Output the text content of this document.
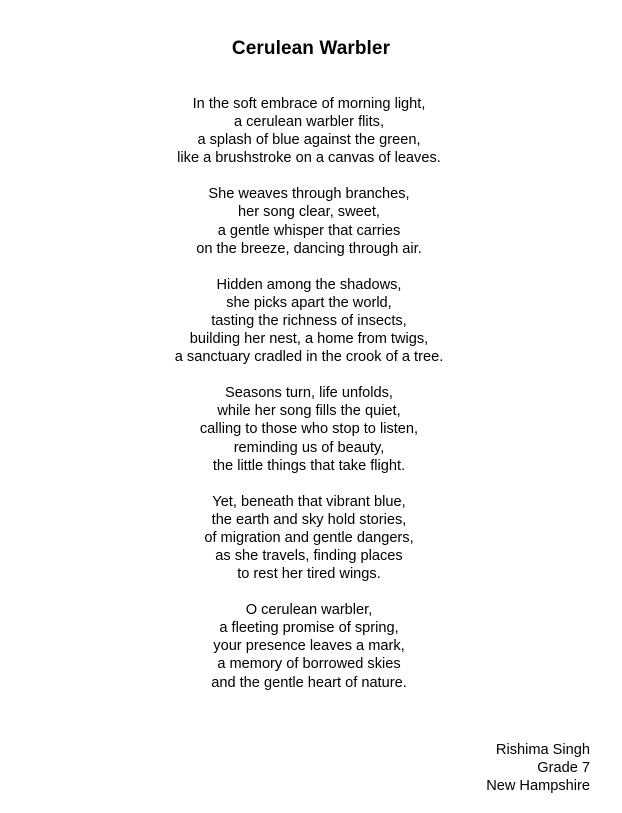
Cerulean Warbler
In the soft embrace of morning light,
a cerulean warbler flits,
a splash of blue against the green,
like a brushstroke on a canvas of leaves.
She weaves through branches,
her song clear, sweet,
a gentle whisper that carries
on the breeze, dancing through air.
Hidden among the shadows,
she picks apart the world,
tasting the richness of insects,
building her nest, a home from twigs,
a sanctuary cradled in the crook of a tree.
Seasons turn, life unfolds,
while her song fills the quiet,
calling to those who stop to listen,
reminding us of beauty,
the little things that take flight.
Yet, beneath that vibrant blue,
the earth and sky hold stories,
of migration and gentle dangers,
as she travels, finding places
to rest her tired wings.
O cerulean warbler,
a fleeting promise of spring,
your presence leaves a mark,
a memory of borrowed skies
and the gentle heart of nature.
Rishima Singh
Grade 7
New Hampshire
